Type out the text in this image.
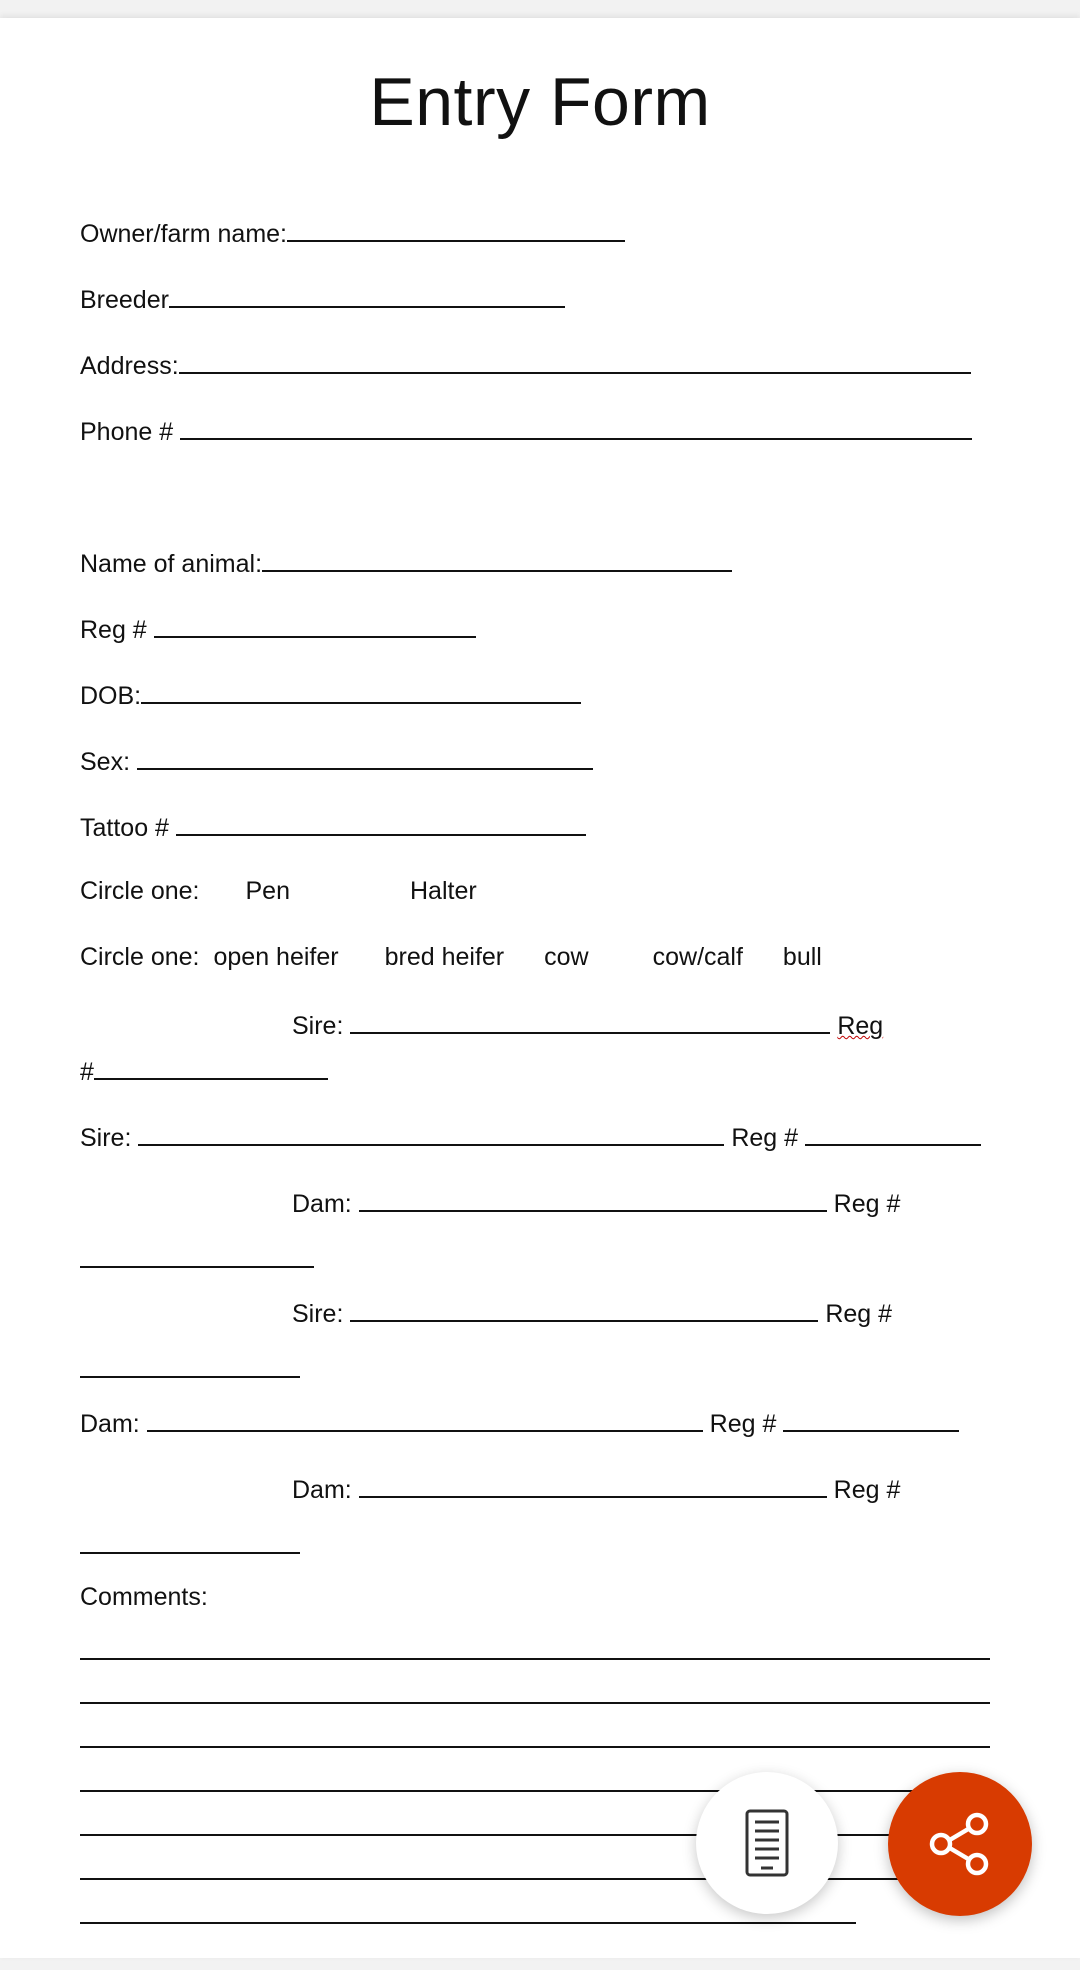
Entry Form
Owner/farm name:
Breeder
Address:
Phone #
Name of animal:
Reg #
DOB:
Sex:
Tattoo #
Circle one: Pen	Halter
Circle one: open heifer bred heifer cow	cow/calf bull
Sire:	Reg
#
Sire:	Reg #
Dam:	Reg #
Sire:	Reg #
Dam:	Reg #
Dam:	Reg #
Comments:
